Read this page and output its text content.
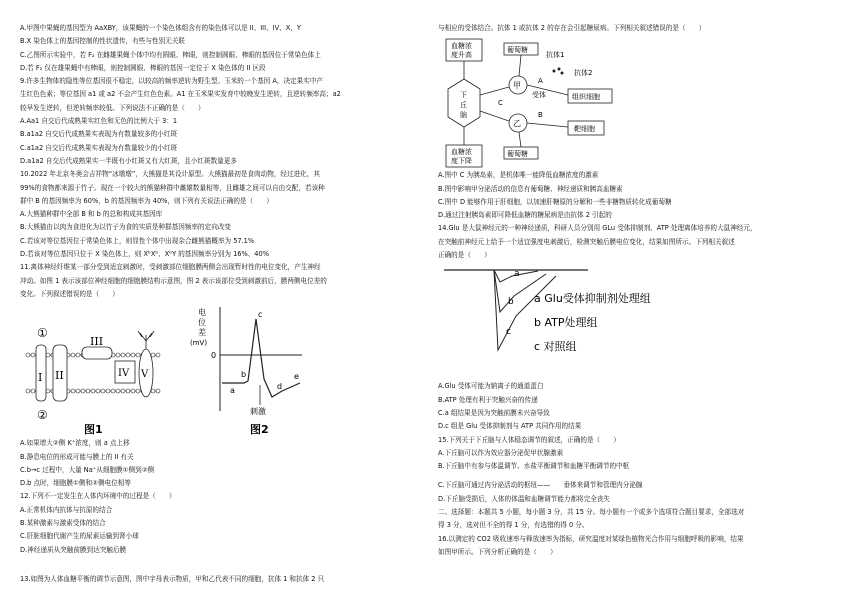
A.甲图中果蝇的基因型为 AaXBY，该果蝇的一个染色体组含有的染色体可以是 II、III、IV、X、Y
B.X 染色体上的基因控制的性状遗传，有些与性别无关联
C.乙图所示实验中，若 F₂ 在雌雄果蝇个体中均有圆眼、棒眼，则控制圆眼、棒眼的基因位于常染色体上
D.若 F₂ 仅在雄果蝇中有棒眼，则控制圆眼、棒眼的基因一定位于 X 染色体的 II 区段
9.许多生物体的隐性等位基因很不稳定，以较高的频率逆转为野生型。玉米的一个基因 A，决定果实中产
生红色色素；等位基因 a1 或 a2 不会产生红色色素。A1 在玉米果实发育中较晚发生逆转，且逆转频率高；a2
较早发生逆转，但逆转频率较低。下列说法不正确的是（　　）
A.Aa1 自交后代成熟果实红色和无色的比例大于 3：1
B.a1a2 自交后代成熟果实表现为有数量较多的小红斑
C.a1a2 自交后代成熟果实表现为有数量较少的小红斑
D.a1a2 自交后代成熟果实一半既有小红斑又有大红斑，且小红斑数量更多
10.2022 年北京冬奥会吉祥物“冰墩墩”，大熊猫是其设计原型。大熊猫最初是食肉动物，经过进化，其
99%的食物都来源于竹子。现在一个较大的熊猫种群中雌雄数量相等，且雌雄之间可以自由交配，若该种
群中 B 的基因频率为 60%，b 的基因频率为 40%，则下列有关说法正确的是（　　）
A.大熊猫种群中全部 B 和 b 的总和构成其基因库
B.大熊猫由以肉为食进化为以竹子为食的实质是种群基因频率的定向改变
C.若该对等位基因位于常染色体上，则显性个体中出现杂合雌熊猫概率为 57.1%
D.若该对等位基因只位于 X 染色体上，则 XᵇXᵇ、XᵇY 的基因频率分别为 16%、40%
11.离体神经纤维某一部分受到适宜刺激时，受刺激部位细胞膜两侧会出现暂时性的电位变化，产生神经
冲动。如图 1 表示该部位神经细胞的细胞膜结构示意图，图 2 表示该部位受到刺激前后，膜两侧电位差的
变化。下列叙述错误的是（　　）
①
②
I II
III
IV V
图1
电
位
差
(mV)
0
a
b
c
d
e
刺激
图2
A.如果增大②侧 K⁺浓度，则 a 点上移
B.静息电位的形成可能与膜上的 II 有关
C.b→c 过程中，大量 Na⁺从细胞膜①侧到②侧
D.b 点时，细胞膜①侧和②侧电位相等
12.下列不一定发生在人体内环境中的过程是（　　）
A.正常机体内抗体与抗原的结合
B.某种激素与激素受体的结合
C.肝脏细胞代谢产生的尿素运输到肾小球
D.神经递质从突触前膜到达突触后膜
13.如图为人体血糖平衡的调节示意图，图中字母表示物质，甲和乙代表不同的细胞，抗体 1 和抗体 2 只
与相应的受体结合。抗体 1 或抗体 2 的存在会引起糖尿病。下列相关叙述错误的是（　　）
血糖浓
度升高
血糖浓
度下降
下
丘
脑
葡萄糖
葡萄糖
甲
乙
抗体1
抗体2
受体
A
B
C
组织细胞
靶细胞
A.图中 C 为胰岛素，是机体唯一能降低血糖浓度的激素
B.图中影响甲分泌活动的信息有葡萄糖、神经递质和胰高血糖素
C.图中 D 能够作用于肝细胞，以加速肝糖原的分解和一些非糖物质转化成葡萄糖
D.通过注射胰岛素即可降低血糖的糖尿病是由抗体 2 引起的
14.Glu 是大鼠神经元的一种神经递质，科研人员分别用 GLu 受体抑制剂、ATP 处理离体培养的大鼠神经元，
在突触前神经元上给予一个适宜强度电刺激后，检测突触后膜电位变化，结果如图所示。下列相关叙述
正确的是（　　）
a
b
c
a Glu受体抑制剂处理组
b ATP处理组
c 对照组
A.Glu 受体可能为钠离子的通道蛋白
B.ATP 处理有利于突触兴奋的传递
C.a 组结果是因为突触前膜未兴奋导致
D.c 组是 Glu 受体抑制剂与 ATP 共同作用的结果
15.下列关于下丘脑与人体稳态调节的叙述，正确的是（　　）
A.下丘脑可以作为效应器分泌促甲状腺激素
B.下丘脑中有参与体温调节、水盐平衡调节和血糖平衡调节的中枢
C.下丘脑可通过内分泌活动的枢纽——　　垂体来调节和管理内分泌腺
D.下丘脑受损后，人体的体温和血糖调节能力都将完全丧失
二、选择题：本题共 5 小题，每小题 3 分，共 15 分。每小题有一个或多个选项符合题目要求，全部选对
得 3 分，选对但不全的得 1 分，有选错的得 0 分。
16.以测定的 CO2 吸收速率与释放速率为指标，研究温度对某绿色植物光合作用与细胞呼吸的影响，结果
如图甲所示。下列分析正确的是（　　）
